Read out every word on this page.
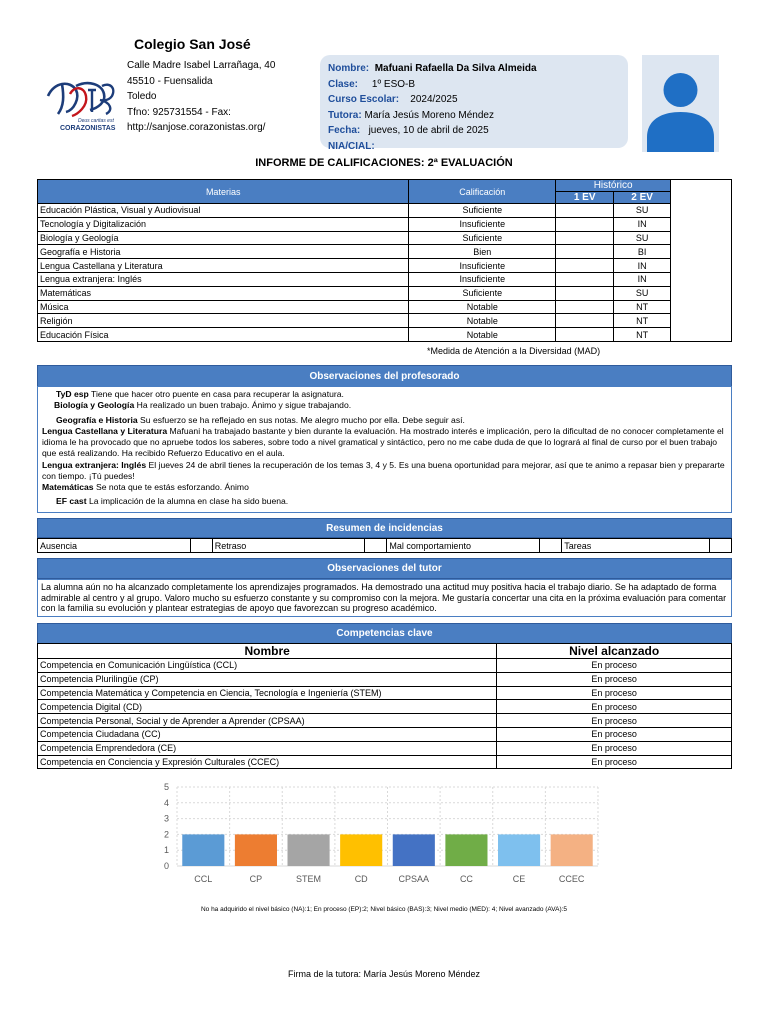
Colegio San José
Deus caritas est
CORAZONISTAS
Calle Madre Isabel Larrañaga, 40
45510 - Fuensalida
Toledo
Tfno: 925731554 - Fax:
http://sanjose.corazonistas.org/
Nombre: Mafuani Rafaella Da Silva Almeida
Clase: 1º ESO-B
Curso Escolar: 2024/2025
Tutora: María Jesús Moreno Méndez
Fecha: jueves, 10 de abril de 2025
NIA/CIAL:
INFORME DE CALIFICACIONES: 2ª EVALUACIÓN
Materias	Calificación	Histórico		
		1 EV	2 EV	
Educación Plástica, Visual y Audiovisual	Suficiente		SU	
Tecnología y Digitalización	Insuficiente		IN	
Biología y Geología	Suficiente		SU	
Geografía e Historia	Bien		BI	
Lengua Castellana y Literatura	Insuficiente		IN	
Lengua extranjera: Inglés	Insuficiente		IN	
Matemáticas	Suficiente		SU	
Música	Notable		NT	
Religión	Notable		NT	
Educación Física	Notable		NT	
*Medida de Atención a la Diversidad (MAD)
Observaciones del profesorado
TyD esp Tiene que hacer otro puente en casa para recuperar la asignatura.
Biología y Geología Ha realizado un buen trabajo. Ánimo y sigue trabajando.
Geografía e Historia Su esfuerzo se ha reflejado en sus notas. Me alegro mucho por ella. Debe seguir así.
Lengua Castellana y Literatura Mafuani ha trabajado bastante y bien durante la evaluación. Ha mostrado interés e implicación, pero la dificultad de no conocer completamente el idioma le ha provocado que no apruebe todos los saberes, sobre todo a nivel gramatical y sintáctico, pero no me cabe duda de que lo logrará al final de curso por el buen trabajo que está realizando. Ha recibido Refuerzo Educativo en el aula.
Lengua extranjera: Inglés El jueves 24 de abril tienes la recuperación de los temas 3, 4 y 5. Es una buena oportunidad para mejorar, así que te animo a repasar bien y prepararte con tiempo. ¡Tú puedes!
Matemáticas Se nota que te estás esforzando. Ánimo
EF cast La implicación de la alumna en clase ha sido buena.
Resumen de incidencias
Ausencia		Retraso		Mal comportamiento		Tareas	
Observaciones del tutor
La alumna aún no ha alcanzado completamente los aprendizajes programados. Ha demostrado una actitud muy positiva hacia el trabajo diario. Se ha adaptado de forma admirable al centro y al grupo. Valoro mucho su esfuerzo constante y su compromiso con la mejora. Me gustaría concertar una cita en la próxima evaluación para comentar con la familia su evolución y plantear estrategias de apoyo que favorezcan su progreso académico.
Competencias clave
Nombre	Nivel alcanzado
Competencia en Comunicación Lingüística (CCL)	En proceso
Competencia Plurilingüe (CP)	En proceso
Competencia Matemática y Competencia en Ciencia, Tecnología e Ingeniería (STEM)	En proceso
Competencia Digital (CD)	En proceso
Competencia Personal, Social y de Aprender a Aprender (CPSAA)	En proceso
Competencia Ciudadana (CC)	En proceso
Competencia Emprendedora (CE)	En proceso
Competencia en Conciencia y Expresión Culturales (CCEC)	En proceso
0
1
2
3
4
5
CCL	CP	STEM	CD	CPSAA	CC	CE	CCEC
No ha adquirido el nivel básico (NA):1; En proceso (EP):2; Nivel básico (BAS):3; Nivel medio (MED): 4; Nivel avanzado (AVA):5
Firma de la tutora: María Jesús Moreno Méndez
